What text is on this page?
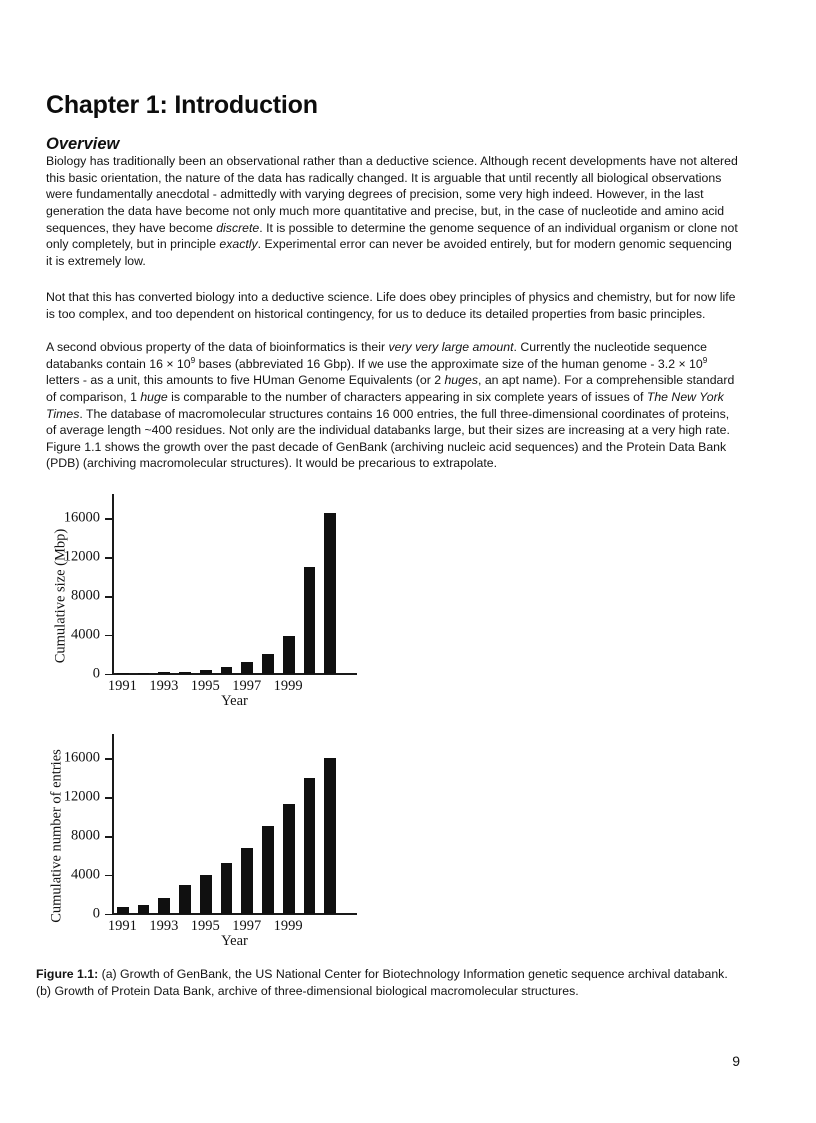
Chapter 1: Introduction
Overview

Biology has traditionally been an observational rather than a deductive science. Although recent developments have not altered this basic orientation, the nature of the data has radically changed. It is arguable that until recently all biological observations were fundamentally anecdotal - admittedly with varying degrees of precision, some very high indeed. However, in the last generation the data have become not only much more quantitative and precise, but, in the case of nucleotide and amino acid sequences, they have become discrete. It is possible to determine the genome sequence of an individual organism or clone not only completely, but in principle exactly. Experimental error can never be avoided entirely, but for modern genomic sequencing it is extremely low.

Not that this has converted biology into a deductive science. Life does obey principles of physics and chemistry, but for now life is too complex, and too dependent on historical contingency, for us to deduce its detailed properties from basic principles.

A second obvious property of the data of bioinformatics is their very very large amount. Currently the nucleotide sequence databanks contain $16 \times 10^9$ bases (abbreviated 16 Gbp). If we use the approximate size of the human genome - $3.2 \times 10^9$ letters - as a unit, this amounts to five HUman Genome Equivalents (or 2 huges, an apt name). For a comprehensible standard of comparison, 1 huge is comparable to the number of characters appearing in six complete years of issues of The New York Times. The database of macromolecular structures contains 16 000 entries, the full three-dimensional coordinates of proteins, of average length ~400 residues. Not only are the individual databanks large, but their sizes are increasing at a very high rate. Figure 1.1 shows the growth over the past decade of GenBank (archiving nucleic acid sequences) and the Protein Data Bank (PDB) (archiving macromolecular structures). It would be precarious to extrapolate.

Cumulative size (Mbp)
0
4000
8000
12000
16000
1991 1993 1995 1997 1999
Year
Cumulative number of entries 0
4000
8000
12000
16000
1991 1993 1995 1997 1999
Year

Figure 1.1: (a) Growth of GenBank, the US National Center for Biotechnology Information genetic sequence archival databank. (b) Growth of Protein Data Bank, archive of three-dimensional biological macromolecular structures.

9
